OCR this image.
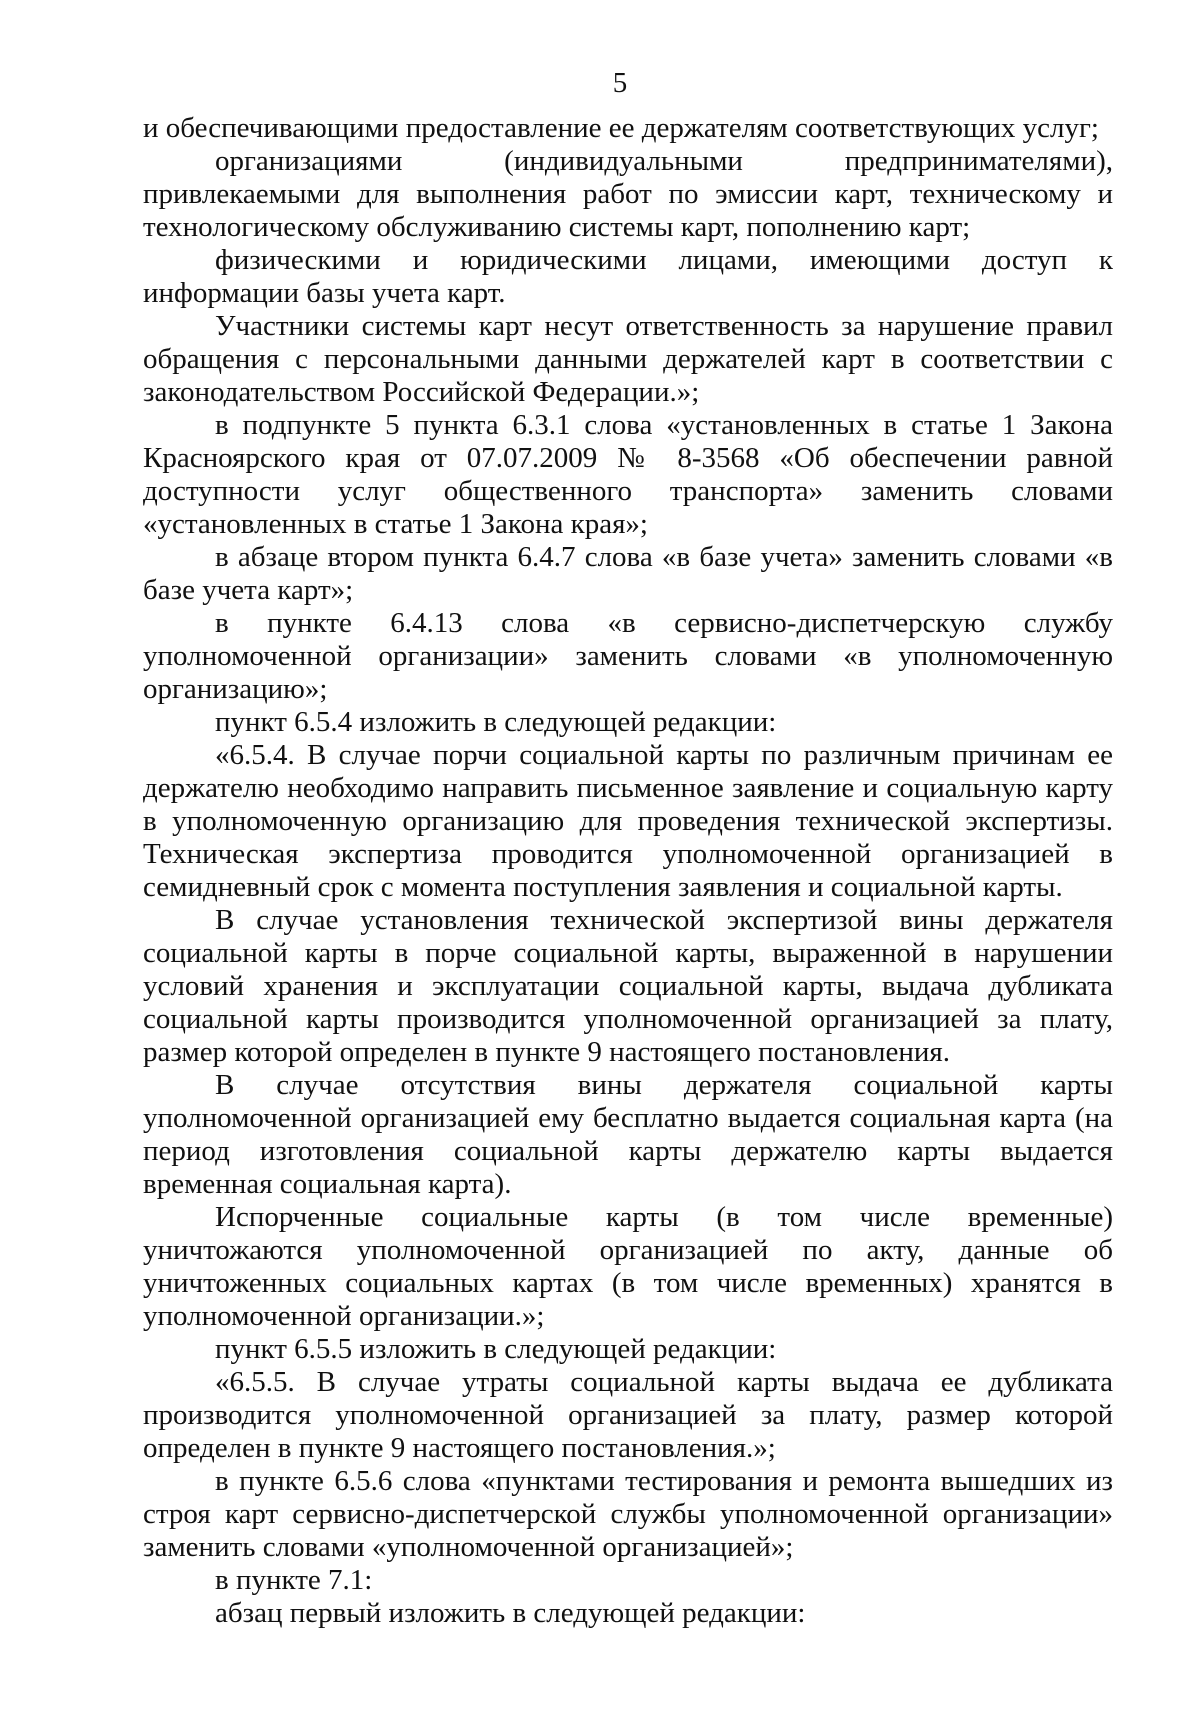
5

и обеспечивающими предоставление ее держателям соответствующих услуг;

организациями (индивидуальными предпринимателями), привлекаемыми для выполнения работ по эмиссии карт, техническому и технологическому обслуживанию системы карт, пополнению карт;

физическими и юридическими лицами, имеющими доступ к информации базы учета карт.

Участники системы карт несут ответственность за нарушение правил обращения с персональными данными держателей карт в соответствии с законодательством Российской Федерации.»;

в подпункте 5 пункта 6.3.1 слова «установленных в статье 1 Закона Красноярского края от 07.07.2009 № 8-3568 «Об обеспечении равной доступности услуг общественного транспорта» заменить словами «установленных в статье 1 Закона края»;

в абзаце втором пункта 6.4.7 слова «в базе учета» заменить словами «в базе учета карт»;

в пункте 6.4.13 слова «в сервисно-диспетчерскую службу уполномоченной организации» заменить словами «в уполномоченную организацию»;

пункт 6.5.4 изложить в следующей редакции:

«6.5.4. В случае порчи социальной карты по различным причинам ее держателю необходимо направить письменное заявление и социальную карту в уполномоченную организацию для проведения технической экспертизы. Техническая экспертиза проводится уполномоченной организацией в семидневный срок с момента поступления заявления и социальной карты.

В случае установления технической экспертизой вины держателя социальной карты в порче социальной карты, выраженной в нарушении условий хранения и эксплуатации социальной карты, выдача дубликата социальной карты производится уполномоченной организацией за плату, размер которой определен в пункте 9 настоящего постановления.

В случае отсутствия вины держателя социальной карты уполномоченной организацией ему бесплатно выдается социальная карта (на период изготовления социальной карты держателю карты выдается временная социальная карта).

Испорченные социальные карты (в том числе временные) уничтожаются уполномоченной организацией по акту, данные об уничтоженных социальных картах (в том числе временных) хранятся в уполномоченной организации.»;

пункт 6.5.5 изложить в следующей редакции:

«6.5.5. В случае утраты социальной карты выдача ее дубликата производится уполномоченной организацией за плату, размер которой определен в пункте 9 настоящего постановления.»;

в пункте 6.5.6 слова «пунктами тестирования и ремонта вышедших из строя карт сервисно-диспетчерской службы уполномоченной организации» заменить словами «уполномоченной организацией»;

в пункте 7.1:

абзац первый изложить в следующей редакции:
